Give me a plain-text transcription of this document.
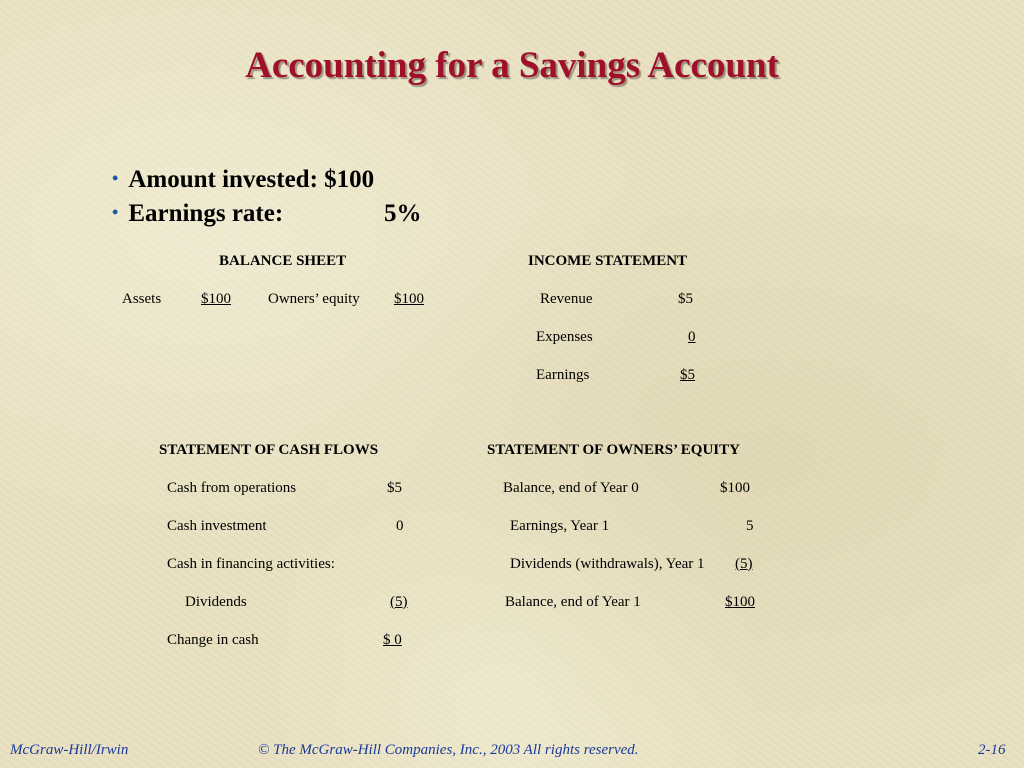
Accounting for a Savings Account
• Amount invested: $100
• Earnings rate:	5%
BALANCE SHEET
Assets	$100 Owners’ equity $100
INCOME STATEMENT
Revenue	$5
Expenses	0
Earnings	$5
STATEMENT OF CASH FLOWS
Cash from operations	$5
Cash investment	0
Cash in financing activities:
Dividends	(5)
Change in cash	$ 0
STATEMENT OF OWNERS’ EQUITY
Balance, end of Year 0	$100
Earnings, Year 1	5
Dividends (withdrawals), Year 1	(5)
Balance, end of Year 1	$100
McGraw-Hill/Irwin	© The McGraw-Hill Companies, Inc., 2003 All rights reserved.	2-16
